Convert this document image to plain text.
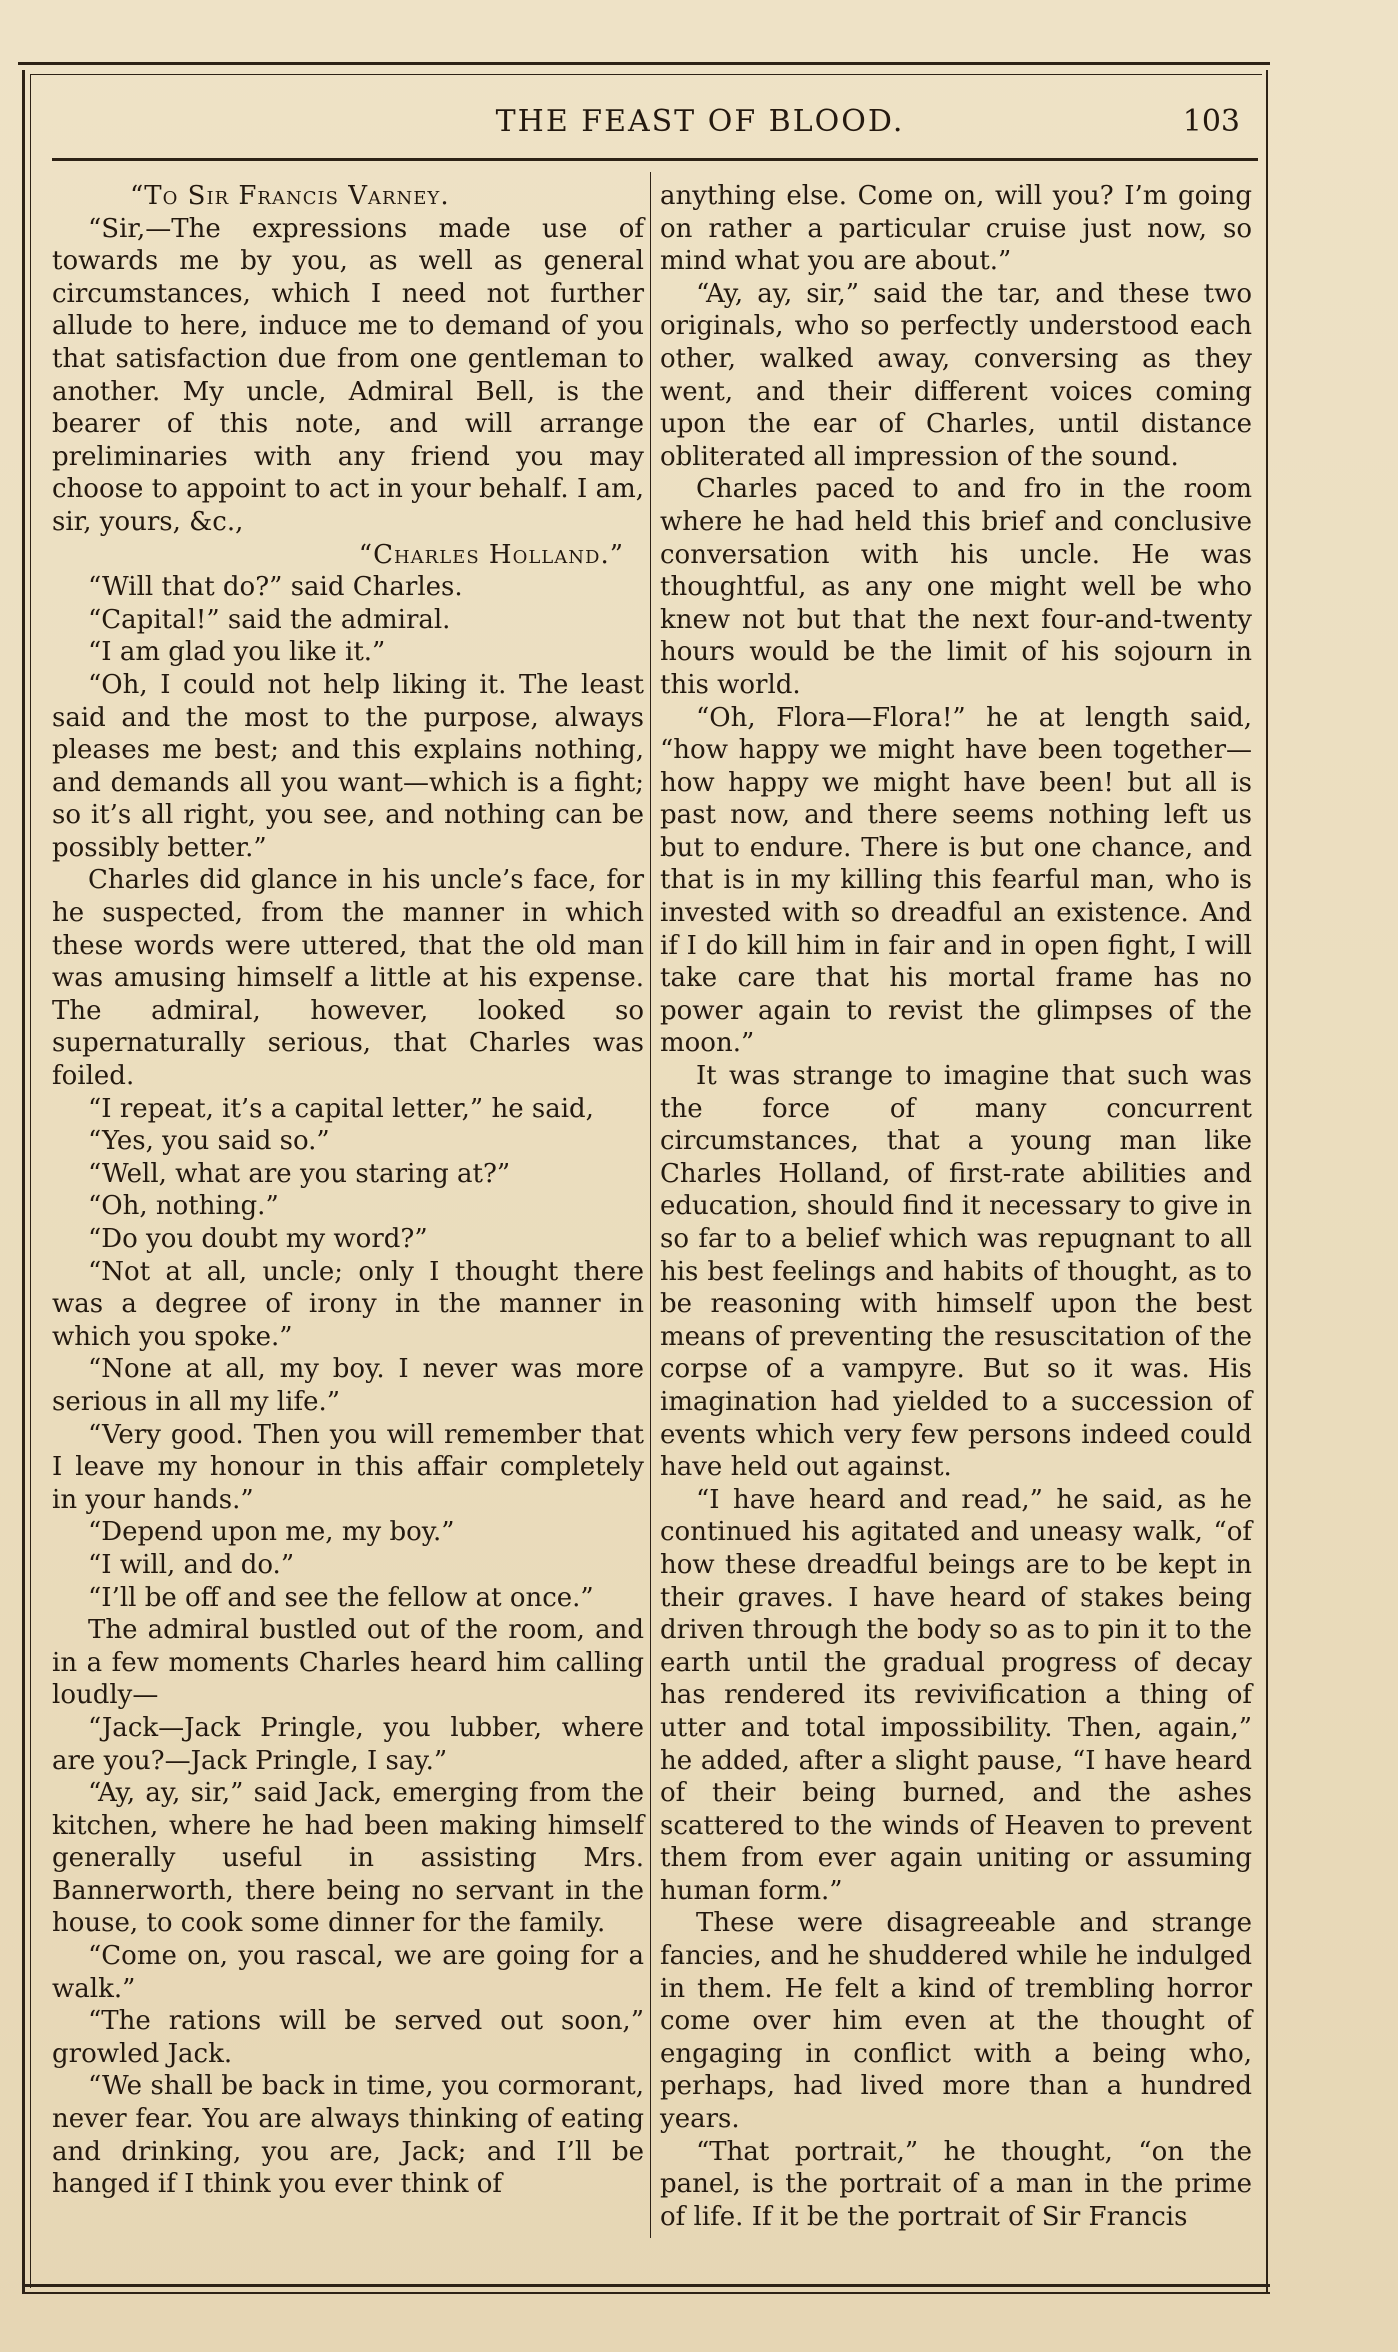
THE FEAST OF BLOOD.	103

“To Sir Francis Varney.

“Sir,—The expressions made use of towards me by you, as well as general circumstances, which I need not further allude to here, induce me to demand of you that satisfaction due from one gentleman to another. My uncle, Admiral Bell, is the bearer of this note, and will arrange preliminaries with any friend you may choose to appoint to act in your behalf. I am, sir, yours, &c.,

“Charles Holland.”

“Will that do?” said Charles.

“Capital!” said the admiral.

“I am glad you like it.”

“Oh, I could not help liking it. The least said and the most to the purpose, always pleases me best; and this explains nothing, and demands all you want—which is a fight; so it’s all right, you see, and nothing can be possibly better.”

Charles did glance in his uncle’s face, for he suspected, from the manner in which these words were uttered, that the old man was amusing himself a little at his expense. The admiral, however, looked so supernaturally serious, that Charles was foiled.

“I repeat, it’s a capital letter,” he said,

“Yes, you said so.”

“Well, what are you staring at?”

“Oh, nothing.”

“Do you doubt my word?”

“Not at all, uncle; only I thought there was a degree of irony in the manner in which you spoke.”

“None at all, my boy. I never was more serious in all my life.”

“Very good. Then you will remember that I leave my honour in this affair completely in your hands.”

“Depend upon me, my boy.”

“I will, and do.”

“I’ll be off and see the fellow at once.”

The admiral bustled out of the room, and in a few moments Charles heard him calling loudly—

“Jack—Jack Pringle, you lubber, where are you?—Jack Pringle, I say.”

“Ay, ay, sir,” said Jack, emerging from the kitchen, where he had been making himself generally useful in assisting Mrs. Bannerworth, there being no servant in the house, to cook some dinner for the family.

“Come on, you rascal, we are going for a walk.”

“The rations will be served out soon,” growled Jack.

“We shall be back in time, you cormorant, never fear. You are always thinking of eating and drinking, you are, Jack; and I’ll be hanged if I think you ever think of

anything else. Come on, will you? I’m going on rather a particular cruise just now, so mind what you are about.”

“Ay, ay, sir,” said the tar, and these two originals, who so perfectly understood each other, walked away, conversing as they went, and their different voices coming upon the ear of Charles, until distance obliterated all impression of the sound.

Charles paced to and fro in the room where he had held this brief and conclusive conversation with his uncle. He was thoughtful, as any one might well be who knew not but that the next four-and-twenty hours would be the limit of his sojourn in this world.

“Oh, Flora—Flora!” he at length said, “how happy we might have been together—how happy we might have been! but all is past now, and there seems nothing left us but to endure. There is but one chance, and that is in my killing this fearful man, who is invested with so dreadful an existence. And if I do kill him in fair and in open fight, I will take care that his mortal frame has no power again to revist the glimpses of the moon.”

It was strange to imagine that such was the force of many concurrent circumstances, that a young man like Charles Holland, of first-rate abilities and education, should find it necessary to give in so far to a belief which was repugnant to all his best feelings and habits of thought, as to be reasoning with himself upon the best means of preventing the resuscitation of the corpse of a vampyre. But so it was. His imagination had yielded to a succession of events which very few persons indeed could have held out against.

“I have heard and read,” he said, as he continued his agitated and uneasy walk, “of how these dreadful beings are to be kept in their graves. I have heard of stakes being driven through the body so as to pin it to the earth until the gradual progress of decay has rendered its revivification a thing of utter and total impossibility. Then, again,” he added, after a slight pause, “I have heard of their being burned, and the ashes scattered to the winds of Heaven to prevent them from ever again uniting or assuming human form.”

These were disagreeable and strange fancies, and he shuddered while he indulged in them. He felt a kind of trembling horror come over him even at the thought of engaging in conflict with a being who, perhaps, had lived more than a hundred years.

“That portrait,” he thought, “on the panel, is the portrait of a man in the prime of life. If it be the portrait of Sir Francis
